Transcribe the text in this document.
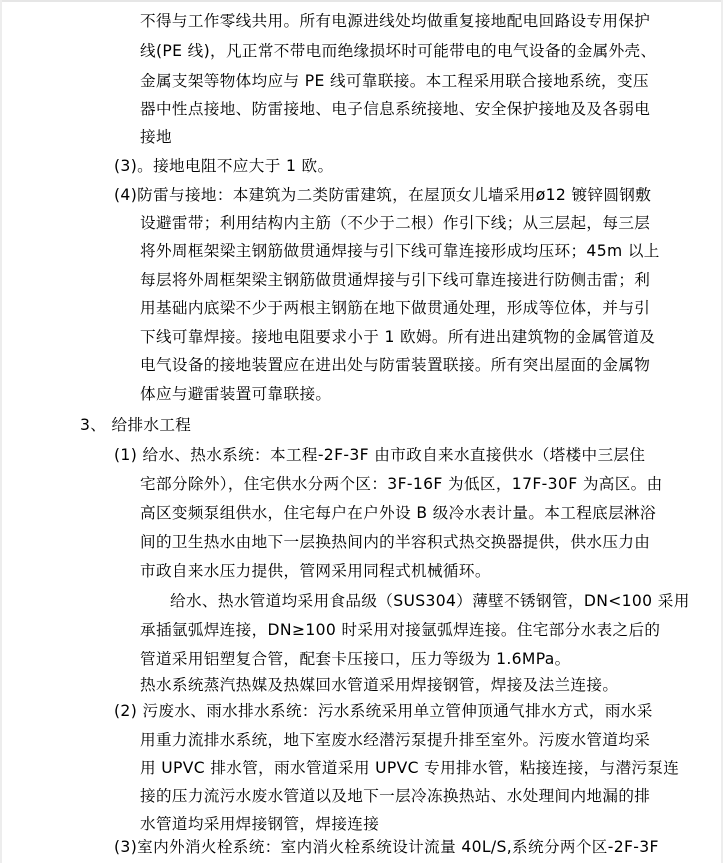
不得与工作零线共用。所有电源进线处均做重复接地配电回路设专用保护
线(PE 线)，凡正常不带电而绝缘损坏时可能带电的电气设备的金属外壳、
金属支架等物体均应与 PE 线可靠联接。本工程采用联合接地系统，变压
器中性点接地、防雷接地、电子信息系统接地、安全保护接地及及各弱电
接地
(3)。接地电阻不应大于 1 欧。
(4)防雷与接地：本建筑为二类防雷建筑，在屋顶女儿墙采用ø12 镀锌圆钢敷
设避雷带；利用结构内主筋（不少于二根）作引下线；从三层起，每三层
将外周框架梁主钢筋做贯通焊接与引下线可靠连接形成均压环；45m 以上
每层将外周框架梁主钢筋做贯通焊接与引下线可靠连接进行防侧击雷；利
用基础内底梁不少于两根主钢筋在地下做贯通处理，形成等位体，并与引
下线可靠焊接。接地电阻要求小于 1 欧姆。所有进出建筑物的金属管道及
电气设备的接地装置应在进出处与防雷装置联接。所有突出屋面的金属物
体应与避雷装置可靠联接。
3、 给排水工程
(1) 给水、热水系统：本工程-2F-3F 由市政自来水直接供水（塔楼中三层住
宅部分除外），住宅供水分两个区：3F-16F 为低区，17F-30F 为高区。由
高区变频泵组供水，住宅每户在户外设 B 级冷水表计量。本工程底层淋浴
间的卫生热水由地下一层换热间内的半容积式热交换器提供，供水压力由
市政自来水压力提供，管网采用同程式机械循环。
给水、热水管道均采用食品级（SUS304）薄壁不锈钢管，DN<100 采用
承插氩弧焊连接，DN≥100 时采用对接氩弧焊连接。住宅部分水表之后的
管道采用铝塑复合管，配套卡压接口，压力等级为 1.6MPa。
热水系统蒸汽热媒及热媒回水管道采用焊接钢管，焊接及法兰连接。
(2) 污废水、雨水排水系统：污水系统采用单立管伸顶通气排水方式，雨水采
用重力流排水系统，地下室废水经潜污泵提升排至室外。污废水管道均采
用 UPVC 排水管，雨水管道采用 UPVC 专用排水管，粘接连接，与潜污泵连
接的压力流污水废水管道以及地下一层冷冻换热站、水处理间内地漏的排
水管道均采用焊接钢管，焊接连接
(3)室内外消火栓系统：室内消火栓系统设计流量 40L/S,系统分两个区-2F-3F
